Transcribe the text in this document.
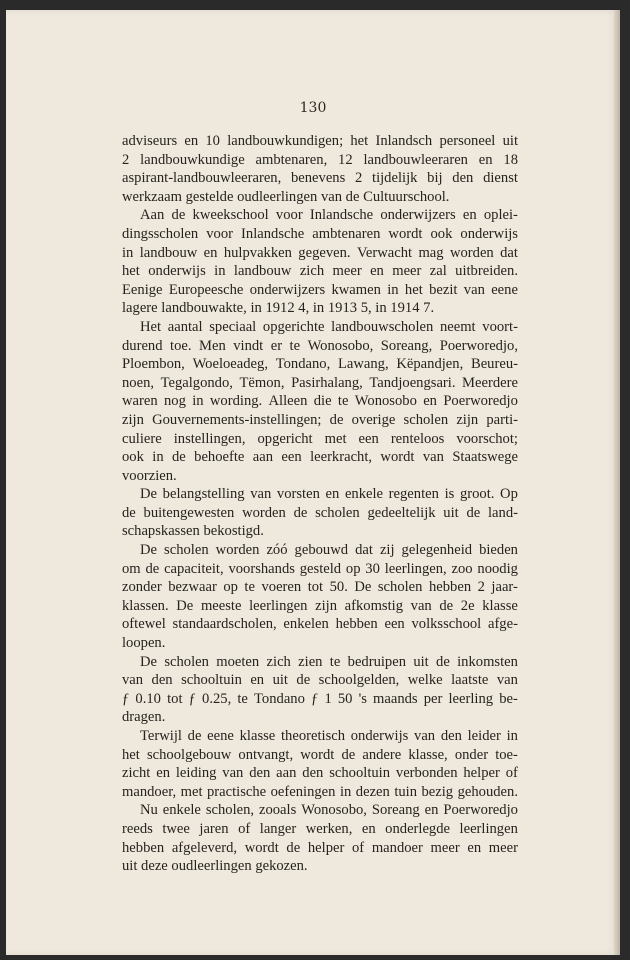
130
adviseurs en 10 landbouwkundigen; het Inlandsch personeel uit
2 landbouwkundige ambtenaren, 12 landbouwleeraren en 18
aspirant-landbouwleeraren, benevens 2 tijdelijk bij den dienst
werkzaam gestelde oudleerlingen van de Cultuurschool.
Aan de kweekschool voor Inlandsche onderwijzers en oplei-
dingsscholen voor Inlandsche ambtenaren wordt ook onderwijs
in landbouw en hulpvakken gegeven. Verwacht mag worden dat
het onderwijs in landbouw zich meer en meer zal uitbreiden.
Eenige Europeesche onderwijzers kwamen in het bezit van eene
lagere landbouwakte, in 1912 4, in 1913 5, in 1914 7.
Het aantal speciaal opgerichte landbouwscholen neemt voort-
durend toe. Men vindt er te Wonosobo, Soreang, Poerworedjo,
Ploembon, Woeloeadeg, Tondano, Lawang, Këpandjen, Beureu-
noen, Tegalgondo, Tëmon, Pasirhalang, Tandjoengsari. Meerdere
waren nog in wording. Alleen die te Wonosobo en Poerworedjo
zijn Gouvernements-instellingen; de overige scholen zijn parti-
culiere instellingen, opgericht met een renteloos voorschot;
ook in de behoefte aan een leerkracht, wordt van Staatswege
voorzien.
De belangstelling van vorsten en enkele regenten is groot. Op
de buitengewesten worden de scholen gedeeltelijk uit de land-
schapskassen bekostigd.
De scholen worden zóó gebouwd dat zij gelegenheid bieden
om de capaciteit, voorshands gesteld op 30 leerlingen, zoo noodig
zonder bezwaar op te voeren tot 50. De scholen hebben 2 jaar-
klassen. De meeste leerlingen zijn afkomstig van de 2e klasse
oftewel standaardscholen, enkelen hebben een volksschool afge-
loopen.
De scholen moeten zich zien te bedruipen uit de inkomsten
van den schooltuin en uit de schoolgelden, welke laatste van
ƒ 0.10 tot ƒ 0.25, te Tondano ƒ 1 50 's maands per leerling be-
dragen.
Terwijl de eene klasse theoretisch onderwijs van den leider in
het schoolgebouw ontvangt, wordt de andere klasse, onder toe-
zicht en leiding van den aan den schooltuin verbonden helper of
mandoer, met practische oefeningen in dezen tuin bezig gehouden.
Nu enkele scholen, zooals Wonosobo, Soreang en Poerworedjo
reeds twee jaren of langer werken, en onderlegde leerlingen
hebben afgeleverd, wordt de helper of mandoer meer en meer
uit deze oudleerlingen gekozen.
